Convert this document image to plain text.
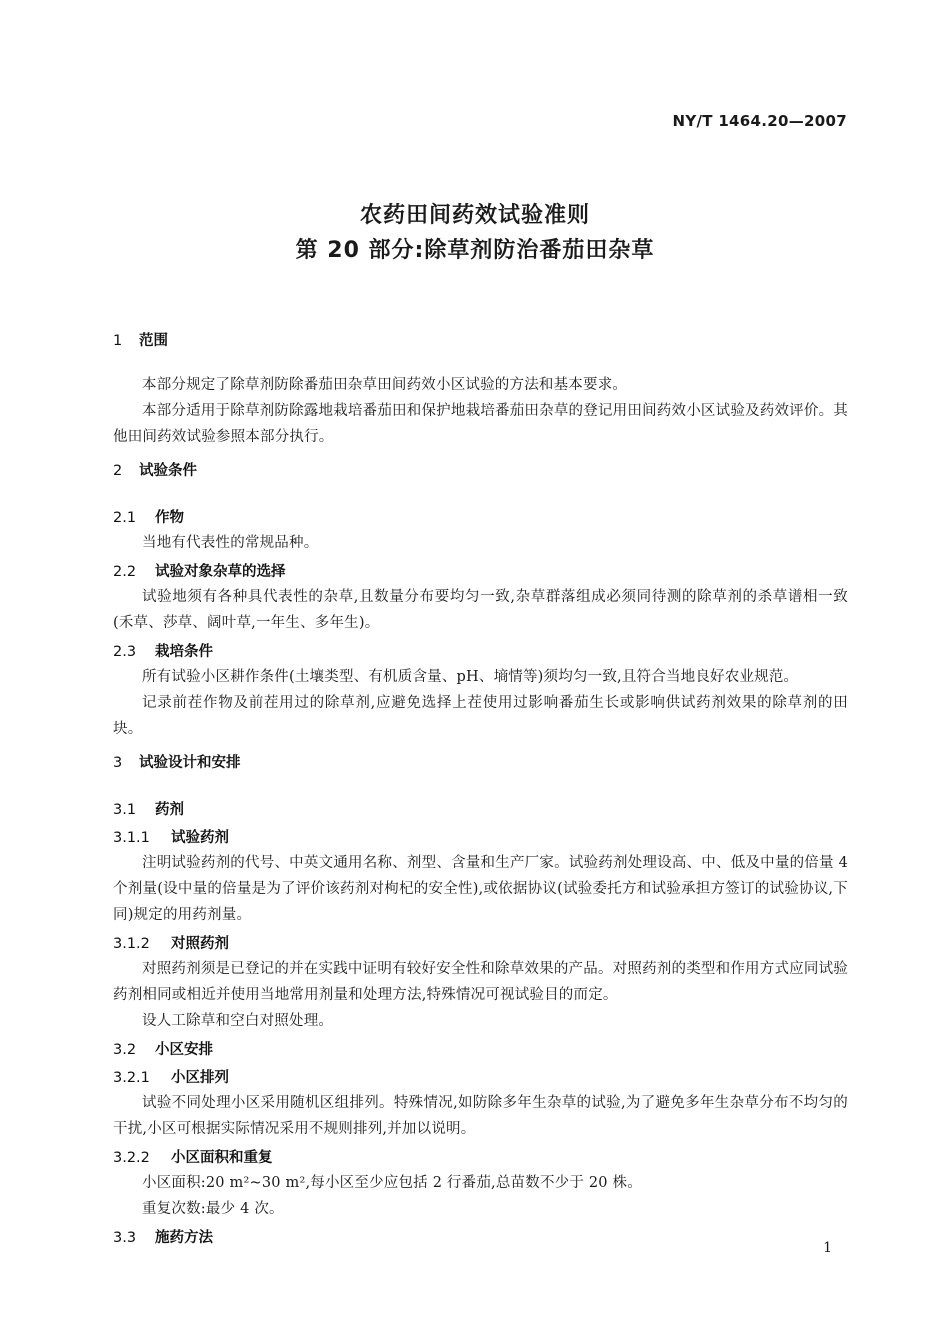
NY/T 1464.20—2007
农药田间药效试验准则
第 20 部分:除草剂防治番茄田杂草
1 范围
本部分规定了除草剂防除番茄田杂草田间药效小区试验的方法和基本要求。
本部分适用于除草剂防除露地栽培番茄田和保护地栽培番茄田杂草的登记用田间药效小区试验及药效评价。其他田间药效试验参照本部分执行。
2 试验条件
2.1 作物
当地有代表性的常规品种。
2.2 试验对象杂草的选择
试验地须有各种具代表性的杂草,且数量分布要均匀一致,杂草群落组成必须同待测的除草剂的杀草谱相一致(禾草、莎草、阔叶草,一年生、多年生)。
2.3 栽培条件
所有试验小区耕作条件(土壤类型、有机质含量、pH、墒情等)须均匀一致,且符合当地良好农业规范。
记录前茬作物及前茬用过的除草剂,应避免选择上茬使用过影响番茄生长或影响供试药剂效果的除草剂的田块。
3 试验设计和安排
3.1 药剂
3.1.1 试验药剂
注明试验药剂的代号、中英文通用名称、剂型、含量和生产厂家。试验药剂处理设高、中、低及中量的倍量 4 个剂量(设中量的倍量是为了评价该药剂对枸杞的安全性),或依据协议(试验委托方和试验承担方签订的试验协议,下同)规定的用药剂量。
3.1.2 对照药剂
对照药剂须是已登记的并在实践中证明有较好安全性和除草效果的产品。对照药剂的类型和作用方式应同试验药剂相同或相近并使用当地常用剂量和处理方法,特殊情况可视试验目的而定。
设人工除草和空白对照处理。
3.2 小区安排
3.2.1 小区排列
试验不同处理小区采用随机区组排列。特殊情况,如防除多年生杂草的试验,为了避免多年生杂草分布不均匀的干扰,小区可根据实际情况采用不规则排列,并加以说明。
3.2.2 小区面积和重复
小区面积:20 m²~30 m²,每小区至少应包括 2 行番茄,总苗数不少于 20 株。
重复次数:最少 4 次。
3.3 施药方法
1
